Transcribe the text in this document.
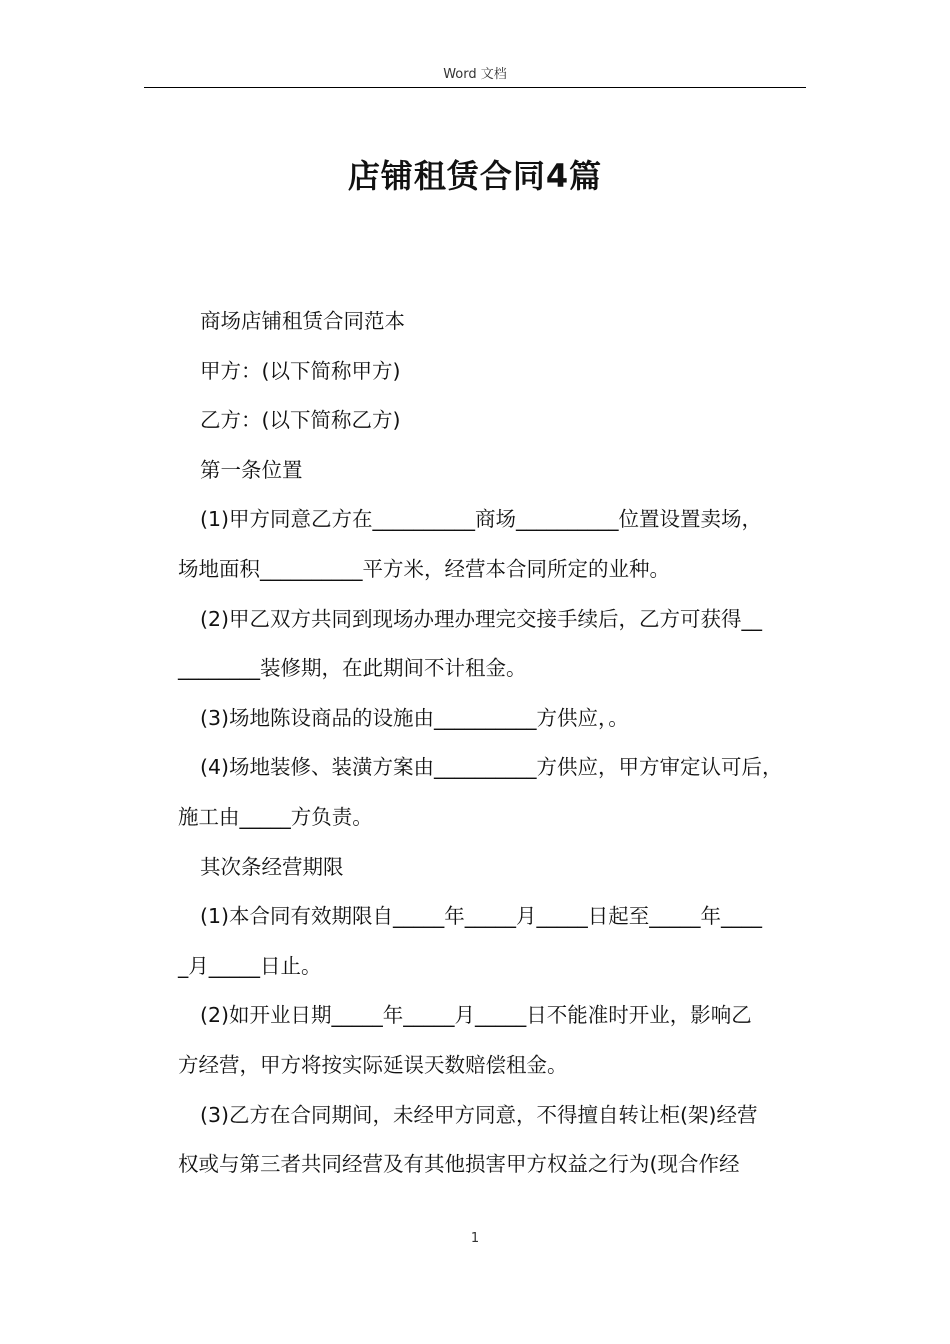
Word 文档
店铺租赁合同4篇

商场店铺租赁合同范本

甲方：(以下简称甲方)

乙方：(以下简称乙方)

第一条位置

(1)甲方同意乙方在__________商场__________位置设置卖场，

场地面积__________平方米，经营本合同所定的业种。

(2)甲乙双方共同到现场办理办理完交接手续后，乙方可获得__

________装修期，在此期间不计租金。

(3)场地陈设商品的设施由__________方供应，。

(4)场地装修、装潢方案由__________方供应，甲方审定认可后，

施工由_____方负责。

其次条经营期限

(1)本合同有效期限自_____年_____月_____日起至_____年____

_月_____日止。

(2)如开业日期_____年_____月_____日不能准时开业，影响乙

方经营，甲方将按实际延误天数赔偿租金。

(3)乙方在合同期间，未经甲方同意，不得擅自转让柜(架)经营

权或与第三者共同经营及有其他损害甲方权益之行为(现合作经

1
